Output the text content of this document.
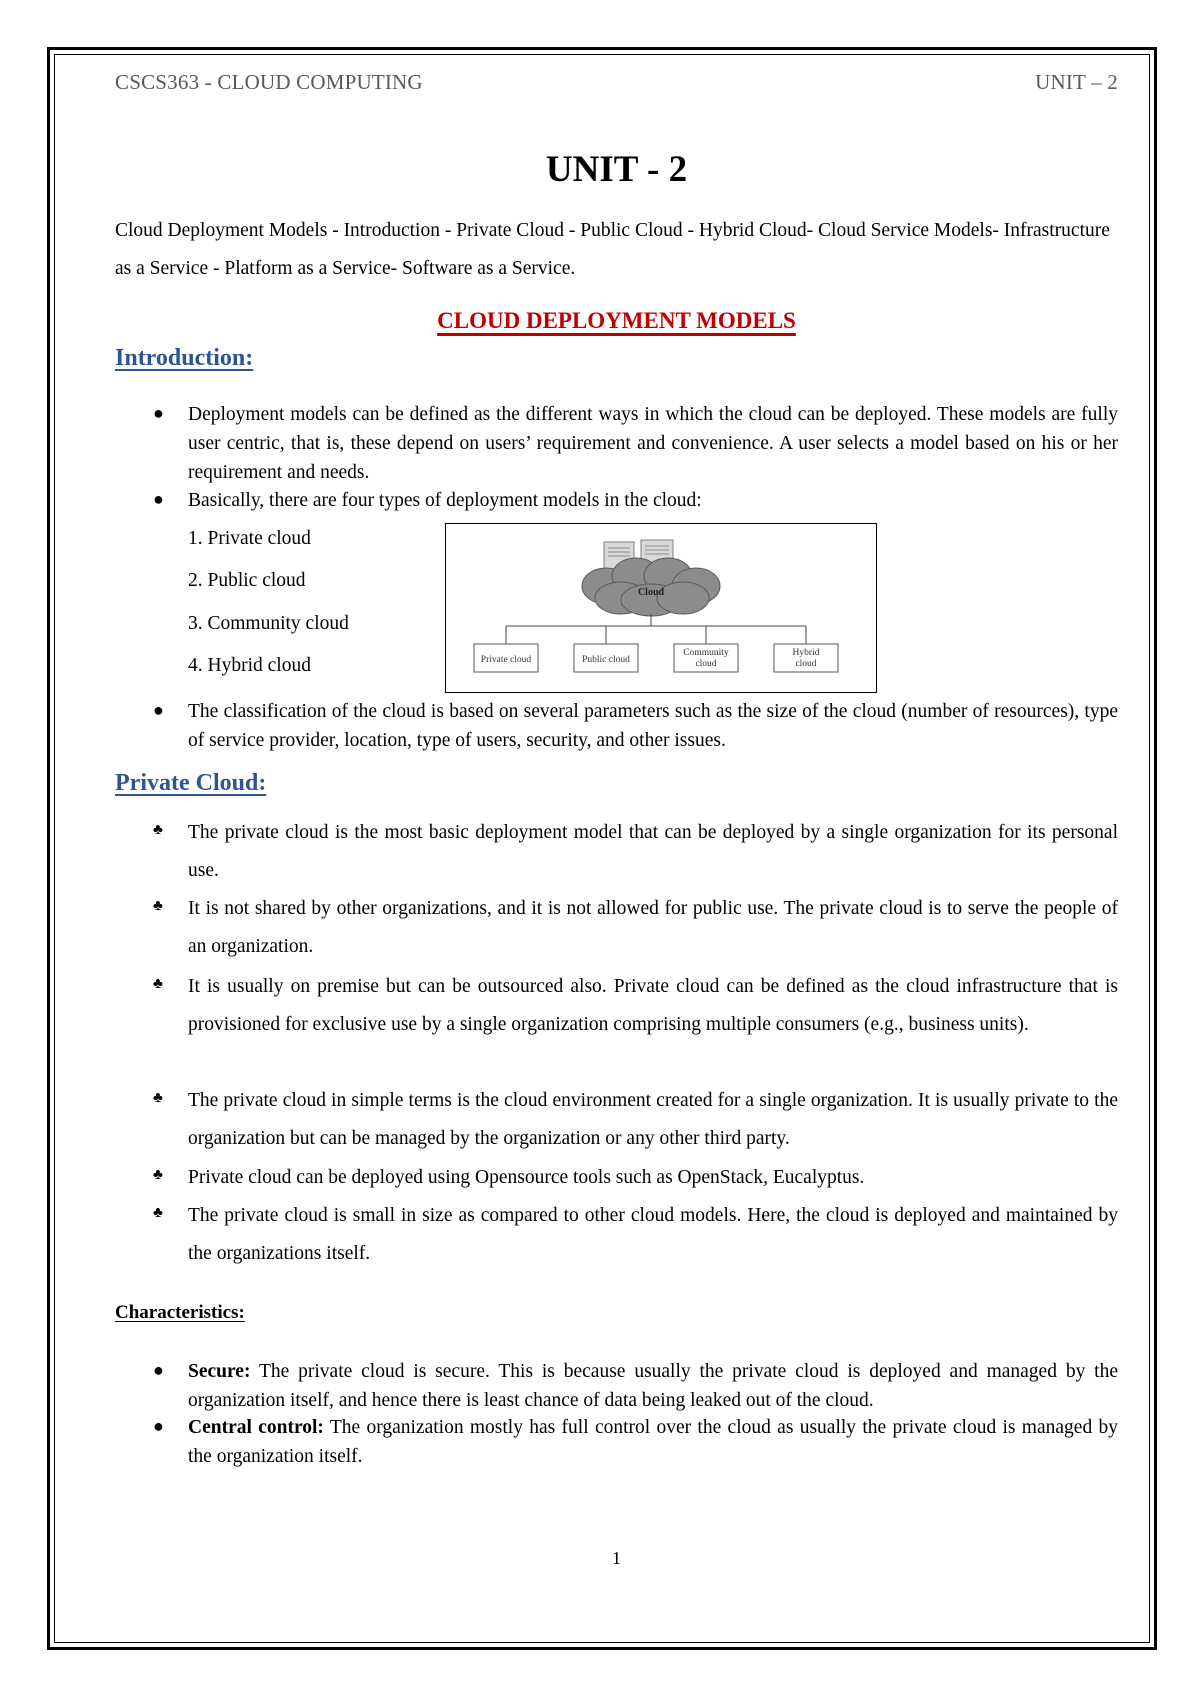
CSCS363 - CLOUD COMPUTING	UNIT – 2
UNIT - 2
Cloud Deployment Models - Introduction - Private Cloud - Public Cloud - Hybrid Cloud- Cloud Service Models- Infrastructure as a Service - Platform as a Service- Software as a Service.
CLOUD DEPLOYMENT MODELS
Introduction:
● Deployment models can be defined as the different ways in which the cloud can be deployed. These models are fully user centric, that is, these depend on users’ requirement and convenience. A user selects a model based on his or her requirement and needs.
● Basically, there are four types of deployment models in the cloud:
1. Private cloud
2. Public cloud
3. Community cloud
4. Hybrid cloud
Cloud
Private cloud	Public cloud
Community
cloud
Hybrid
cloud
● The classification of the cloud is based on several parameters such as the size of the cloud (number of resources), type of service provider, location, type of users, security, and other issues.
Private Cloud:
♣ The private cloud is the most basic deployment model that can be deployed by a single organization for its personal use.
♣ It is not shared by other organizations, and it is not allowed for public use. The private cloud is to serve the people of an organization.
♣ It is usually on premise but can be outsourced also. Private cloud can be defined as the cloud infrastructure that is provisioned for exclusive use by a single organization comprising multiple consumers (e.g., business units).
♣ The private cloud in simple terms is the cloud environment created for a single organization. It is usually private to the organization but can be managed by the organization or any other third party.
♣ Private cloud can be deployed using Opensource tools such as OpenStack, Eucalyptus.
♣ The private cloud is small in size as compared to other cloud models. Here, the cloud is deployed and maintained by the organizations itself.
Characteristics:
● Secure: The private cloud is secure. This is because usually the private cloud is deployed and managed by the organization itself, and hence there is least chance of data being leaked out of the cloud.
● Central control: The organization mostly has full control over the cloud as usually the private cloud is managed by the organization itself.
1
